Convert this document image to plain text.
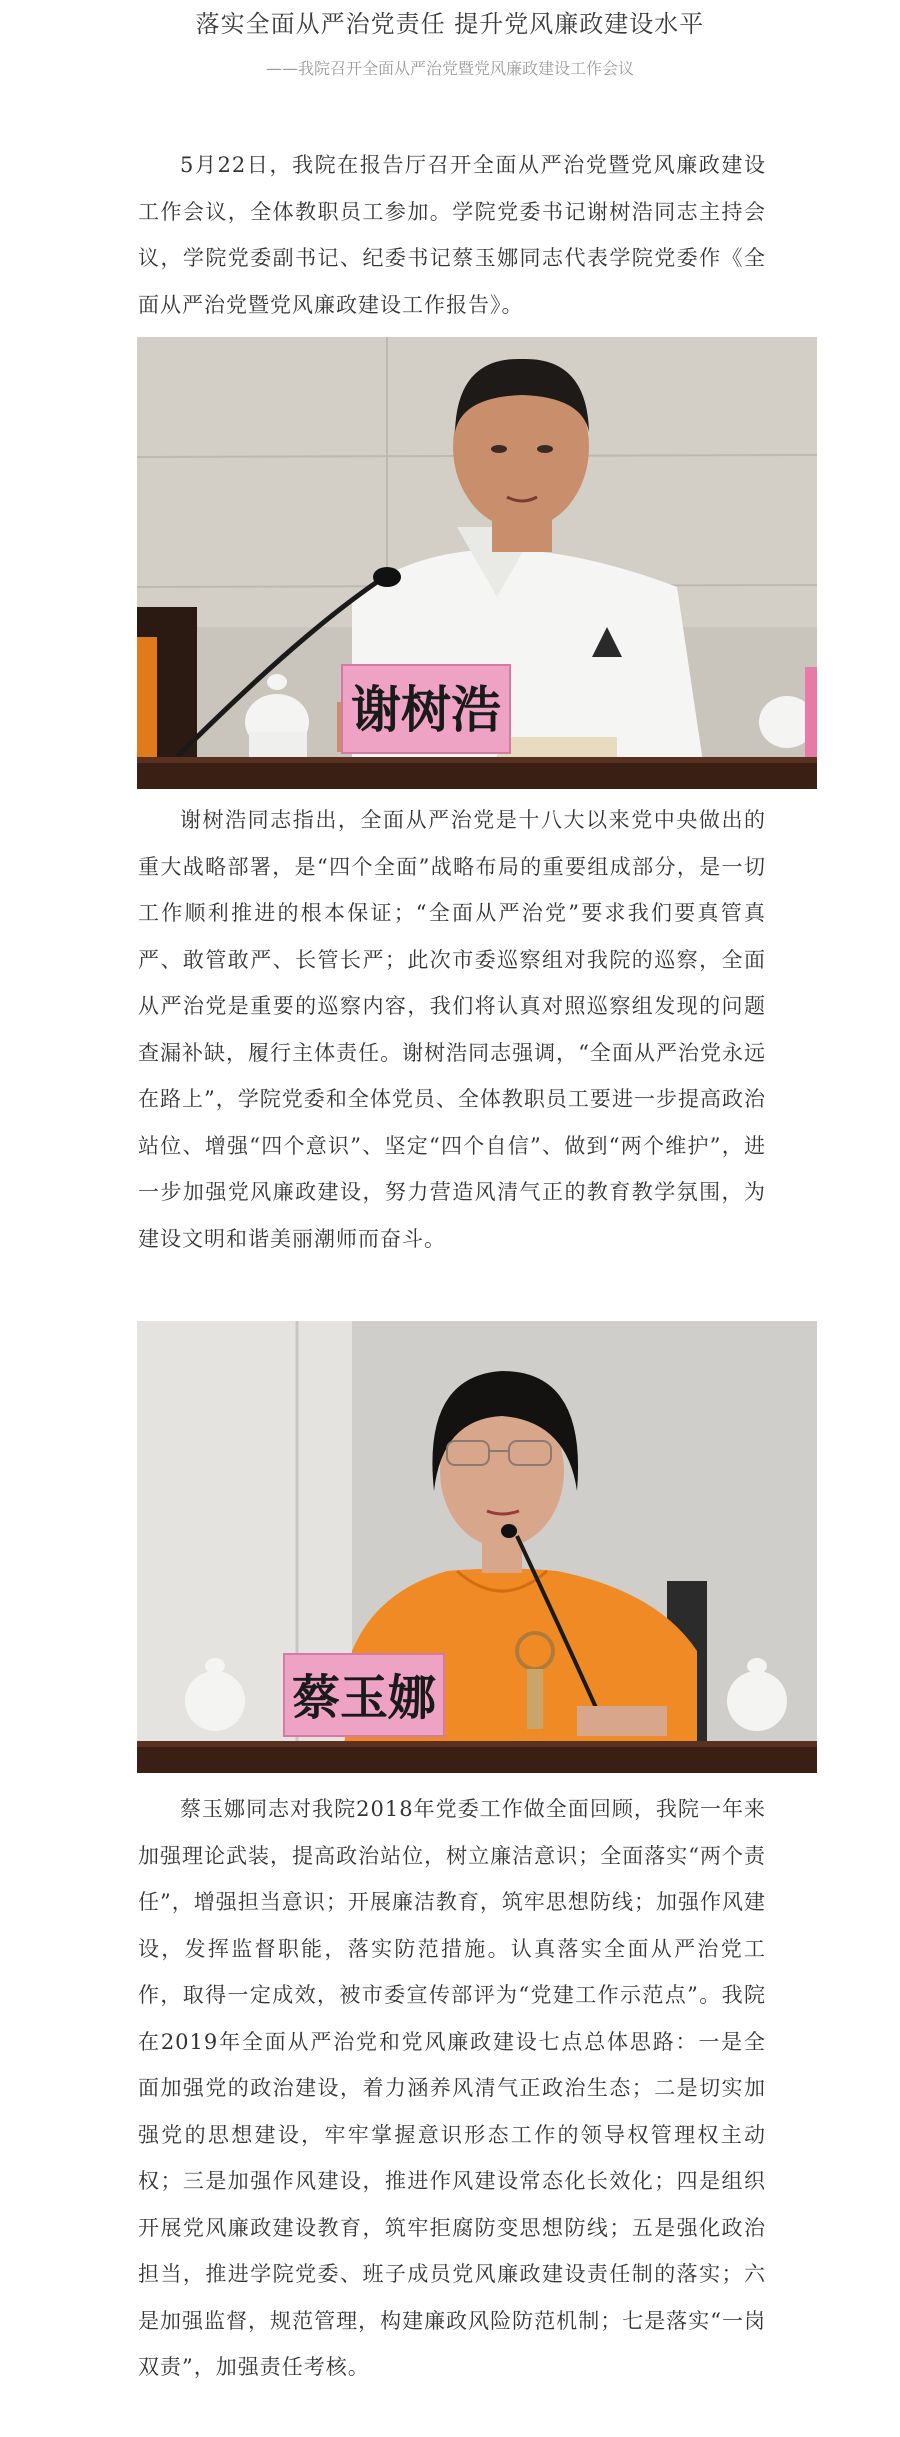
落实全面从严治党责任 提升党风廉政建设水平
——我院召开全面从严治党暨党风廉政建设工作会议

5月22日，我院在报告厅召开全面从严治党暨党风廉政建设工作会议，全体教职员工参加。学院党委书记谢树浩同志主持会议，学院党委副书记、纪委书记蔡玉娜同志代表学院党委作《全面从严治党暨党风廉政建设工作报告》。

谢树浩

谢树浩同志指出，全面从严治党是十八大以来党中央做出的重大战略部署，是“四个全面”战略布局的重要组成部分，是一切工作顺利推进的根本保证；“全面从严治党”要求我们要真管真严、敢管敢严、长管长严；此次市委巡察组对我院的巡察，全面从严治党是重要的巡察内容，我们将认真对照巡察组发现的问题查漏补缺，履行主体责任。谢树浩同志强调，“全面从严治党永远在路上”，学院党委和全体党员、全体教职员工要进一步提高政治站位、增强“四个意识”、坚定“四个自信”、做到“两个维护”，进一步加强党风廉政建设，努力营造风清气正的教育教学氛围，为建设文明和谐美丽潮师而奋斗。

蔡玉娜

蔡玉娜同志对我院2018年党委工作做全面回顾，我院一年来加强理论武装，提高政治站位，树立廉洁意识；全面落实“两个责任”，增强担当意识；开展廉洁教育，筑牢思想防线；加强作风建设，发挥监督职能，落实防范措施。认真落实全面从严治党工作，取得一定成效，被市委宣传部评为“党建工作示范点”。我院在2019年全面从严治党和党风廉政建设七点总体思路：一是全面加强党的政治建设，着力涵养风清气正政治生态；二是切实加强党的思想建设，牢牢掌握意识形态工作的领导权管理权主动权；三是加强作风建设，推进作风建设常态化长效化；四是组织开展党风廉政建设教育，筑牢拒腐防变思想防线；五是强化政治担当，推进学院党委、班子成员党风廉政建设责任制的落实；六是加强监督，规范管理，构建廉政风险防范机制；七是落实“一岗双责”，加强责任考核。
